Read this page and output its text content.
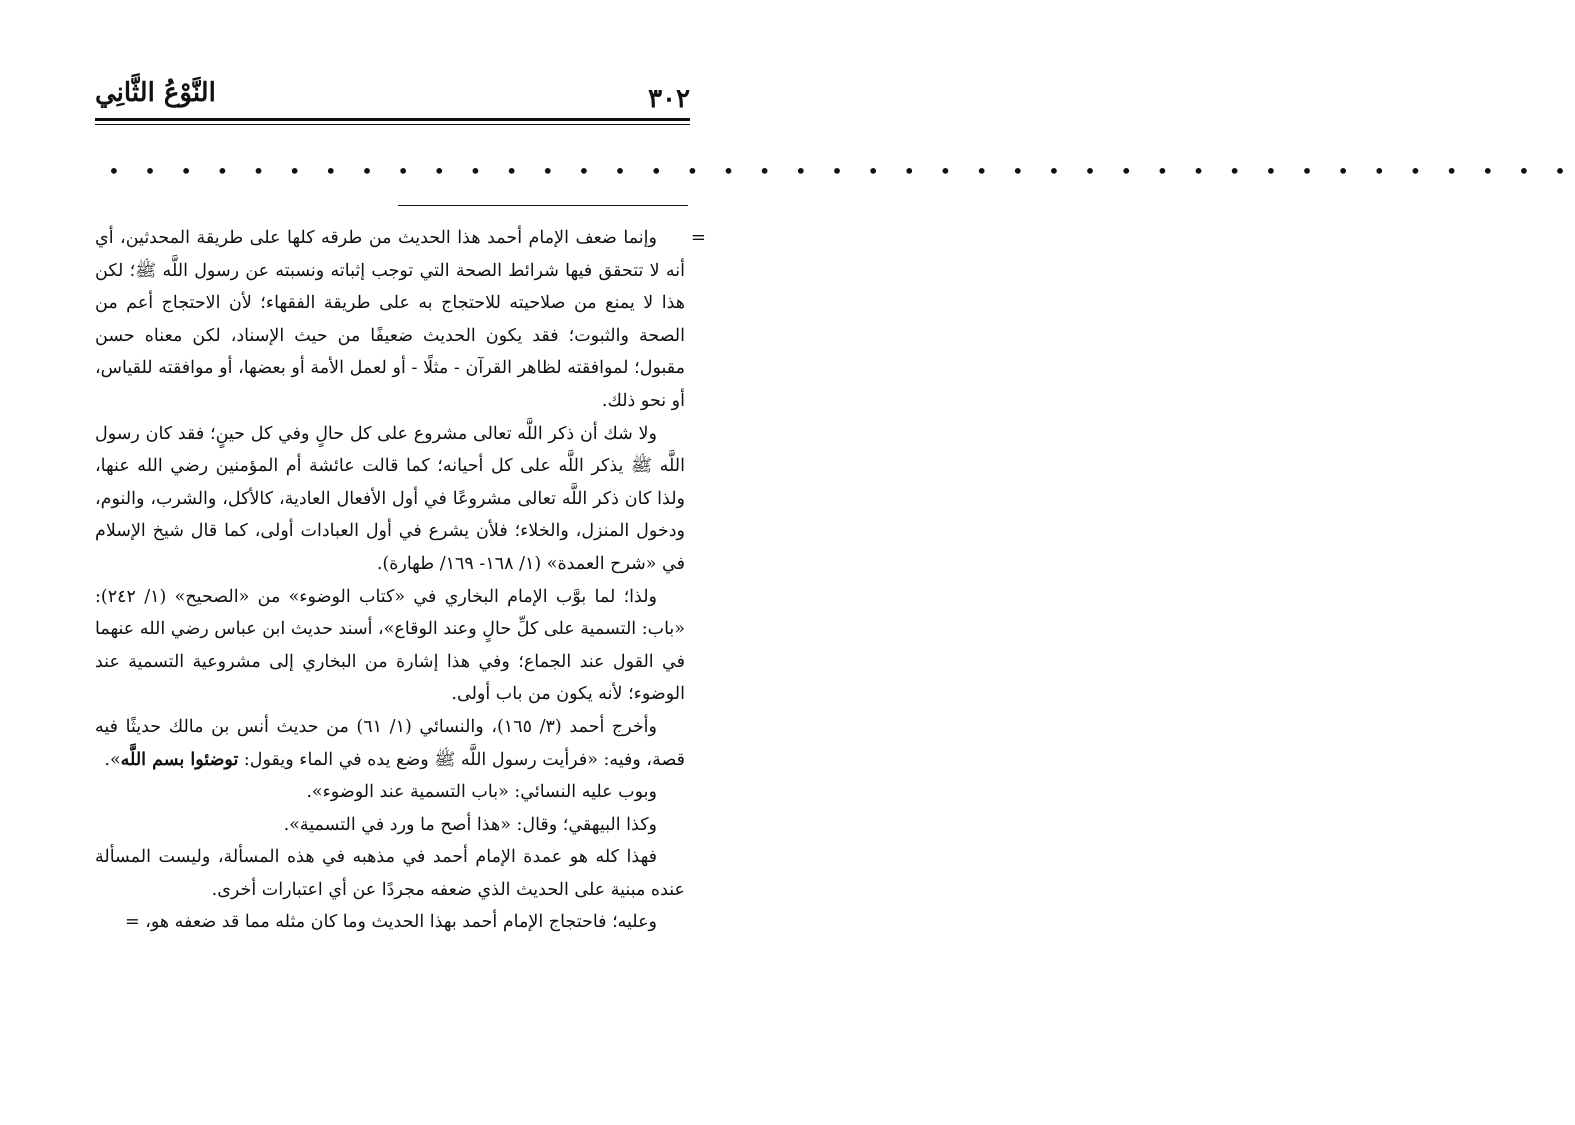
٣٠٢
النَّوْعُ الثَّانِي
• • • • • • • • • • • • • • • • • • • • • • • • • • • • • • • • • • • • • • • • •
=

وإنما ضعف الإمام أحمد هذا الحديث من طرقه كلها على طريقة المحدثين، أي أنه لا تتحقق فيها شرائط الصحة التي توجب إثباته ونسبته عن رسول اللَّه ﷺ؛ لكن هذا لا يمنع من صلاحيته للاحتجاج به على طريقة الفقهاء؛ لأن الاحتجاج أعم من الصحة والثبوت؛ فقد يكون الحديث ضعيفًا من حيث الإسناد، لكن معناه حسن مقبول؛ لموافقته لظاهر القرآن - مثلًا - أو لعمل الأمة أو بعضها، أو موافقته للقياس، أو نحو ذلك.

ولا شك أن ذكر اللَّه تعالى مشروع على كل حالٍ وفي كل حينٍ؛ فقد كان رسول اللَّه ﷺ يذكر اللَّه على كل أحيانه؛ كما قالت عائشة أم المؤمنين رضي الله عنها، ولذا كان ذكر اللَّه تعالى مشروعًا في أول الأفعال العادية، كالأكل، والشرب، والنوم، ودخول المنزل، والخلاء؛ فلأن يشرع في أول العبادات أولى، كما قال شيخ الإسلام في «شرح العمدة» (١/ ١٦٨- ١٦٩/ طهارة).

ولذا؛ لما بوَّب الإمام البخاري في «كتاب الوضوء» من «الصحيح» (١/ ٢٤٢): «باب: التسمية على كلِّ حالٍ وعند الوقاع»، أسند حديث ابن عباس رضي الله عنهما في القول عند الجماع؛ وفي هذا إشارة من البخاري إلى مشروعية التسمية عند الوضوء؛ لأنه يكون من باب أولى.

وأخرج أحمد (٣/ ١٦٥)، والنسائي (١/ ٦١) من حديث أنس بن مالك حديثًا فيه قصة، وفيه: «فرأيت رسول اللَّه ﷺ وضع يده في الماء ويقول: توضئوا بسم اللَّه».

وبوب عليه النسائي: «باب التسمية عند الوضوء».

وكذا البيهقي؛ وقال: «هذا أصح ما ورد في التسمية».

فهذا كله هو عمدة الإمام أحمد في مذهبه في هذه المسألة، وليست المسألة عنده مبنية على الحديث الذي ضعفه مجردًا عن أي اعتبارات أخرى.

وعليه؛ فاحتجاج الإمام أحمد بهذا الحديث وما كان مثله مما قد ضعفه هو، =
